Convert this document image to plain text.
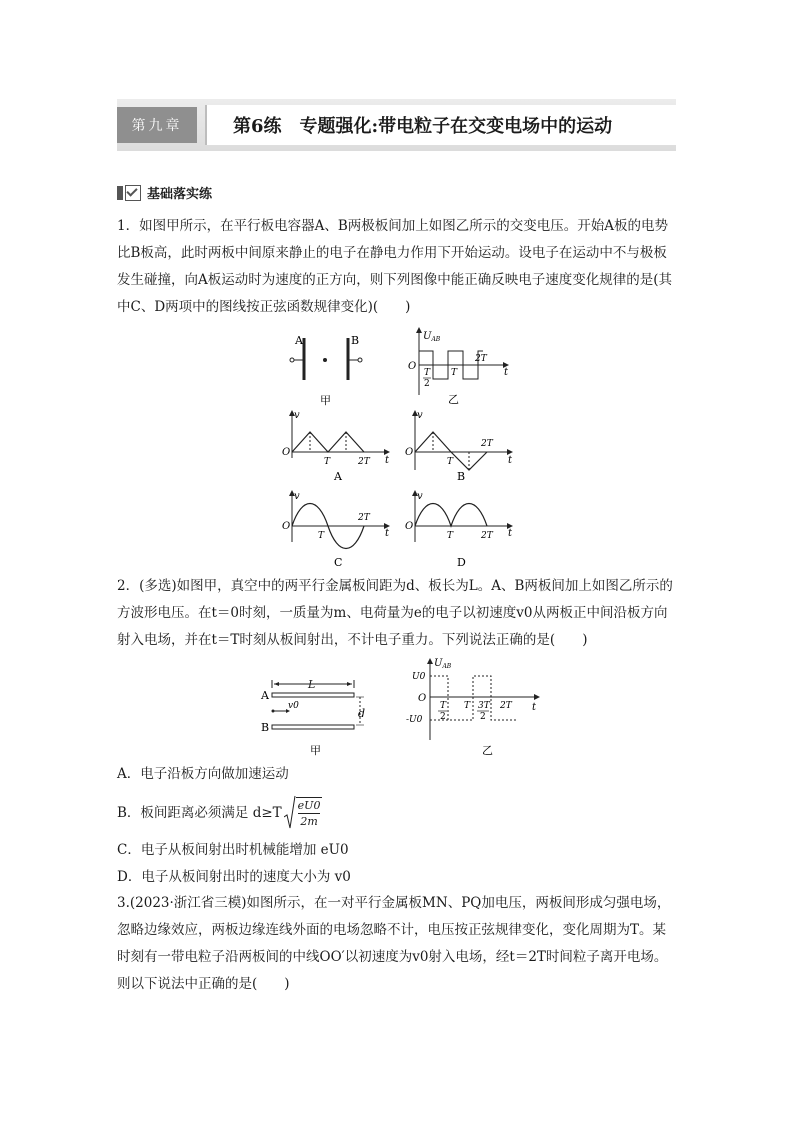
第九章	第6练　专题强化:带电粒子在交变电场中的运动
基础落实练
1．如图甲所示，在平行板电容器A、B两极板间加上如图乙所示的交变电压。开始A板的电势比B板高，此时两板中间原来静止的电子在静电力作用下开始运动。设电子在运动中不与极板发生碰撞，向A板运动时为速度的正方向，则下列图像中能正确反映电子速度变化规律的是(其中C、D两项中的图线按正弦函数规律变化)(　　)
A	B
甲
$U_{AB}$
O
t
T
2
T
2T
乙
v
O
t
T	2T
A
v
O
t
T
2T
B
v
O
t
T
2T
C
v
O
t
T	2T
D
2．(多选)如图甲，真空中的两平行金属板间距为d、板长为L。A、B两板间加上如图乙所示的方波形电压。在t＝0时刻，一质量为m、电荷量为e的电子以初速度v0从两板正中间沿板方向射入电场，并在t＝T时刻从板间射出，不计电子重力。下列说法正确的是(　　)
A
B
L
d
v0
甲
$U_{AB}$
U0
-U0
O
t
T
2
T 3T
2
2T
乙
A．电子沿板方向做加速运动
B．板间距离必须满足 $d\ge T \frac{eU0}{2m}$
C．电子从板间射出时机械能增加 eU0
D．电子从板间射出时的速度大小为 v0
3.(2023·浙江省三模)如图所示，在一对平行金属板MN、PQ加电压，两板间形成匀强电场，忽略边缘效应，两板边缘连线外面的电场忽略不计，电压按正弦规律变化，变化周期为T。某时刻有一带电粒子沿两板间的中线OO′以初速度为v0射入电场，经t＝2T时间粒子离开电场。则以下说法中正确的是(　　)
